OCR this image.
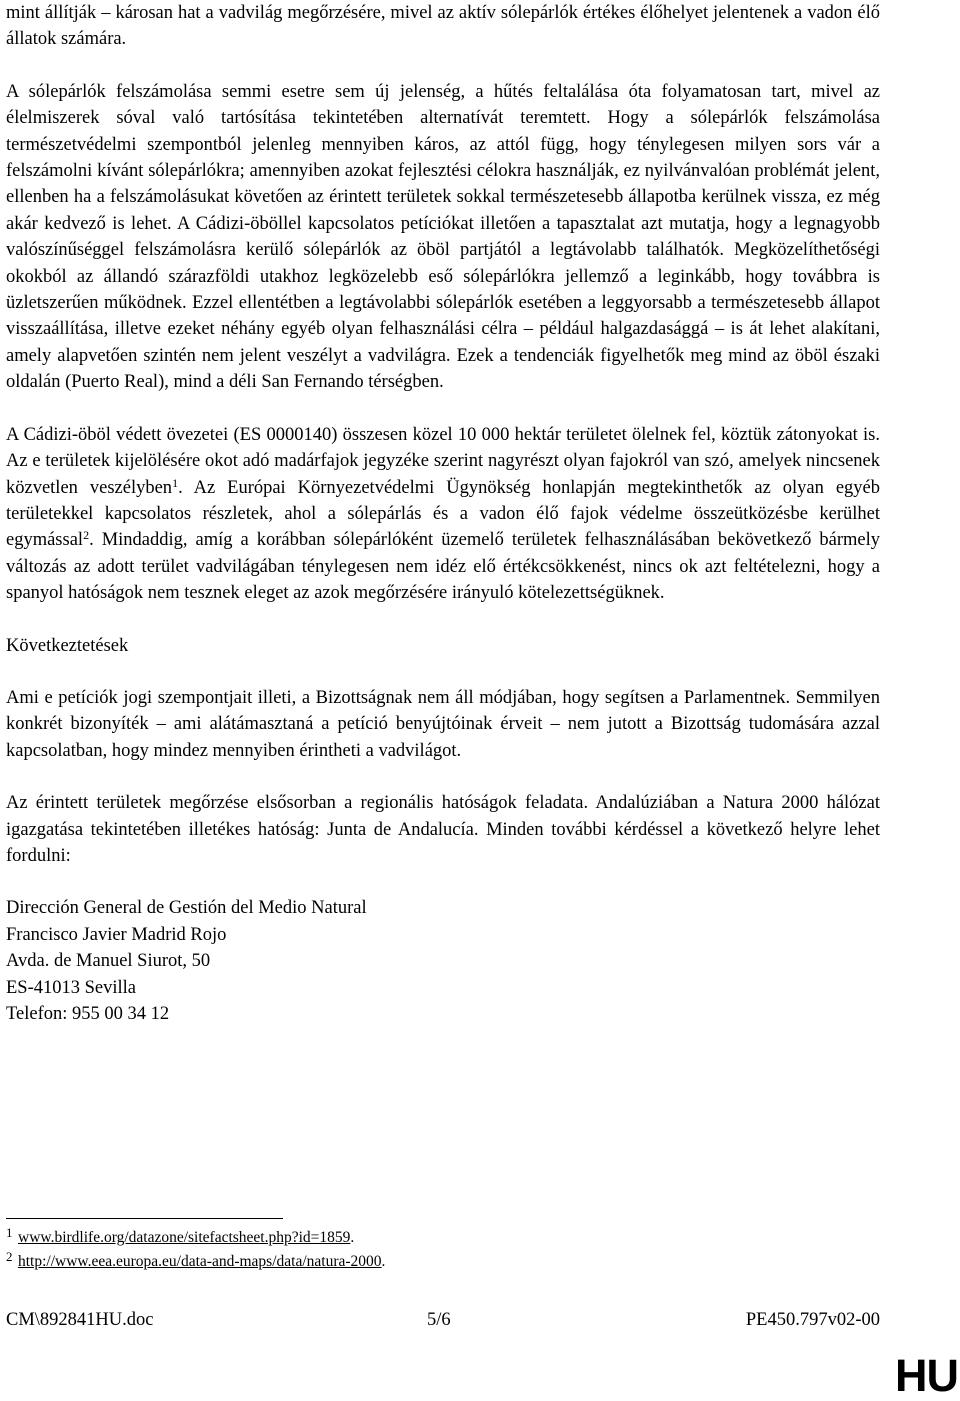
mint állítják – károsan hat a vadvilág megőrzésére, mivel az aktív sólepárlók értékes élőhelyet jelentenek a vadon élő állatok számára.

A sólepárlók felszámolása semmi esetre sem új jelenség, a hűtés feltalálása óta folyamatosan tart, mivel az élelmiszerek sóval való tartósítása tekintetében alternatívát teremtett. Hogy a sólepárlók felszámolása természetvédelmi szempontból jelenleg mennyiben káros, az attól függ, hogy ténylegesen milyen sors vár a felszámolni kívánt sólepárlókra; amennyiben azokat fejlesztési célokra használják, ez nyilvánvalóan problémát jelent, ellenben ha a felszámolásukat követően az érintett területek sokkal természetesebb állapotba kerülnek vissza, ez még akár kedvező is lehet. A Cádizi-öböllel kapcsolatos petíciókat illetően a tapasztalat azt mutatja, hogy a legnagyobb valószínűséggel felszámolásra kerülő sólepárlók az öböl partjától a legtávolabb találhatók. Megközelíthetőségi okokból az állandó szárazföldi utakhoz legközelebb eső sólepárlókra jellemző a leginkább, hogy továbbra is üzletszerűen működnek. Ezzel ellentétben a legtávolabbi sólepárlók esetében a leggyorsabb a természetesebb állapot visszaállítása, illetve ezeket néhány egyéb olyan felhasználási célra – például halgazdasággá – is át lehet alakítani, amely alapvetően szintén nem jelent veszélyt a vadvilágra. Ezek a tendenciák figyelhetők meg mind az öböl északi oldalán (Puerto Real), mind a déli San Fernando térségben.

A Cádizi-öböl védett övezetei (ES 0000140) összesen közel 10 000 hektár területet ölelnek fel, köztük zátonyokat is. Az e területek kijelölésére okot adó madárfajok jegyzéke szerint nagyrészt olyan fajokról van szó, amelyek nincsenek közvetlen veszélyben$^1$. Az Európai Környezetvédelmi Ügynökség honlapján megtekinthetők az olyan egyéb területekkel kapcsolatos részletek, ahol a sólepárlás és a vadon élő fajok védelme összeütközésbe kerülhet egymással$^2$. Mindaddig, amíg a korábban sólepárlóként üzemelő területek felhasználásában bekövetkező bármely változás az adott terület vadvilágában ténylegesen nem idéz elő értékcsökkenést, nincs ok azt feltételezni, hogy a spanyol hatóságok nem tesznek eleget az azok megőrzésére irányuló kötelezettségüknek.

Következtetések

Ami e petíciók jogi szempontjait illeti, a Bizottságnak nem áll módjában, hogy segítsen a Parlamentnek. Semmilyen konkrét bizonyíték – ami alátámasztaná a petíció benyújtóinak érveit – nem jutott a Bizottság tudomására azzal kapcsolatban, hogy mindez mennyiben érintheti a vadvilágot.

Az érintett területek megőrzése elsősorban a regionális hatóságok feladata. Andalúziában a Natura 2000 hálózat igazgatása tekintetében illetékes hatóság: Junta de Andalucía. Minden további kérdéssel a következő helyre lehet fordulni:

Dirección General de Gestión del Medio Natural

Francisco Javier Madrid Rojo

Avda. de Manuel Siurot, 50

ES-41013 Sevilla

Telefon: 955 00 34 12

1 www.birdlife.org/datazone/sitefactsheet.php?id=1859.
2 http://www.eea.europa.eu/data-and-maps/data/natura-2000.
CM\892841HU.doc	5/6	PE450.797v02-00
HU
